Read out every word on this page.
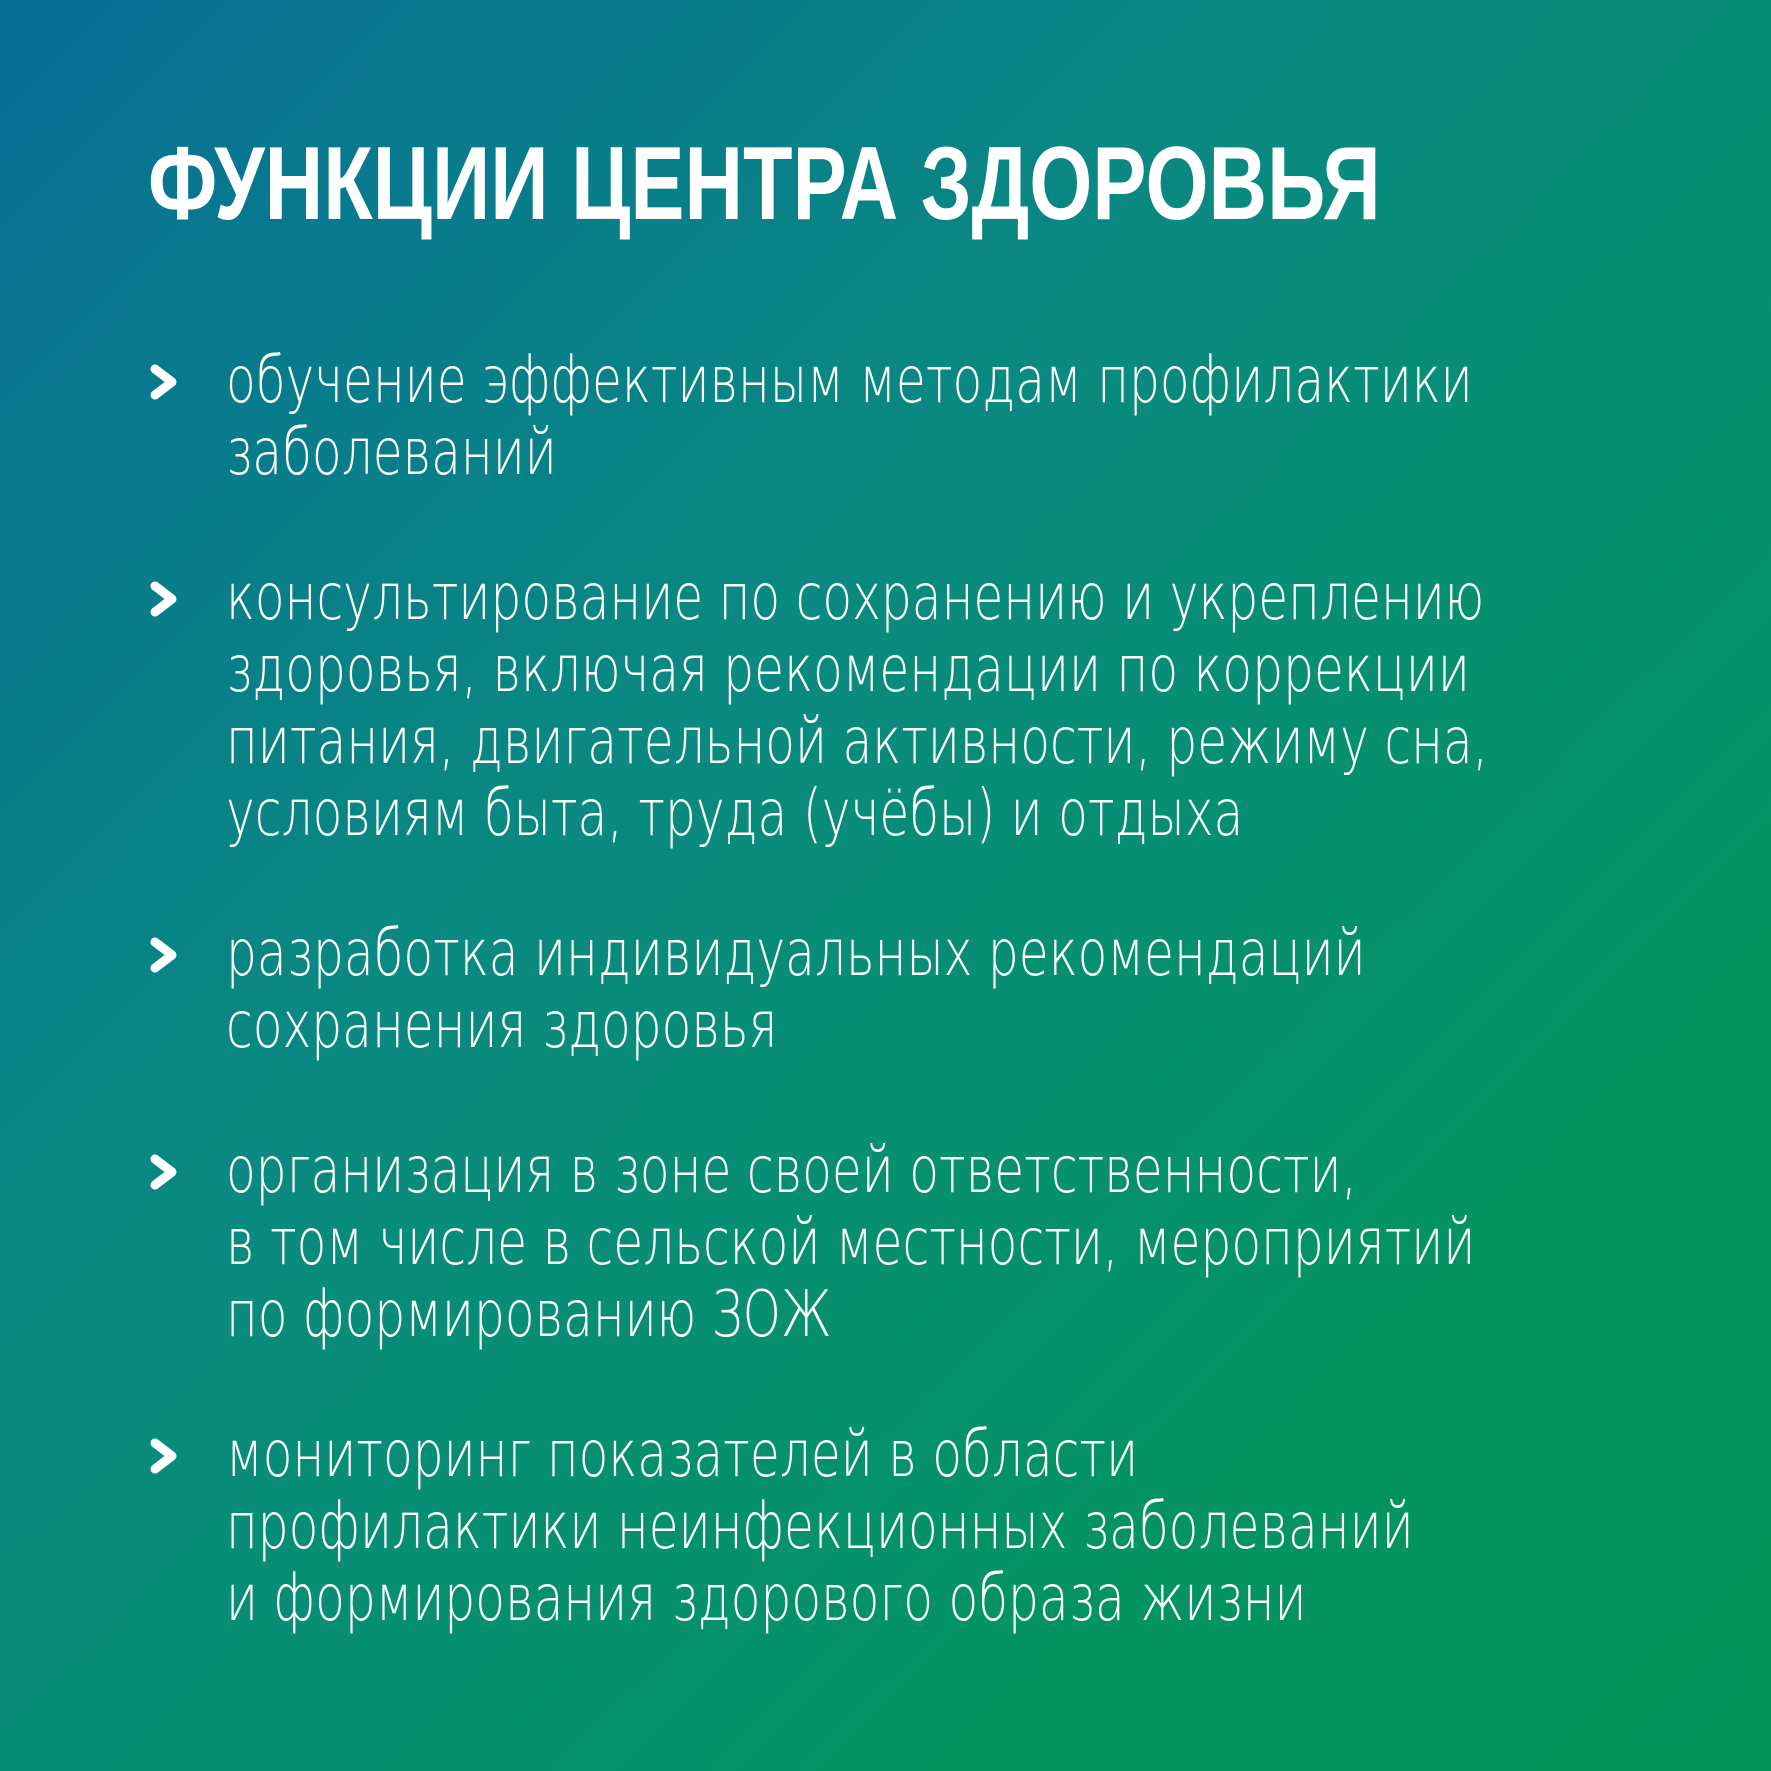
ФУНКЦИИ ЦЕНТРА ЗДОРОВЬЯ

обучение эффективным методам профилактики
заболеваний

консультирование по сохранению и укреплению
здоровья, включая рекомендации по коррекции
питания, двигательной активности, режиму сна,
условиям быта, труда (учёбы) и отдыха

разработка индивидуальных рекомендаций
сохранения здоровья

организация в зоне своей ответственности,
в том числе в сельской местности, мероприятий
по формированию ЗОЖ

мониторинг показателей в области
профилактики неинфекционных заболеваний
и формирования здорового образа жизни
